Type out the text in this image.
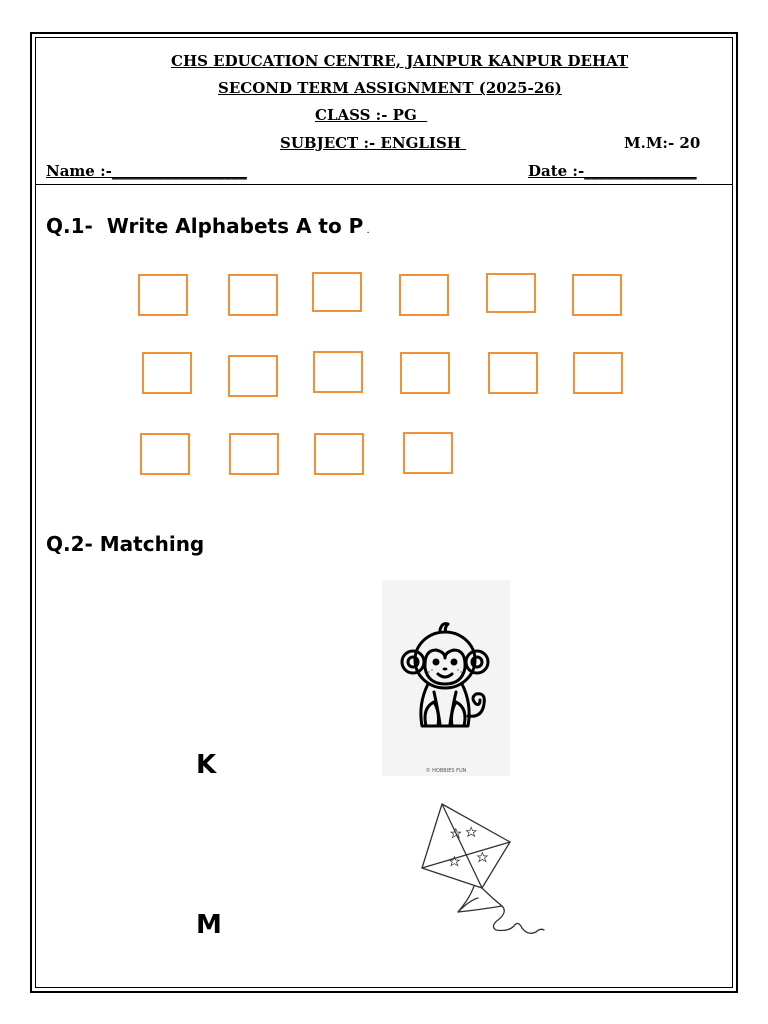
CHS EDUCATION CENTRE, JAINPUR KANPUR DEHAT
SECOND TERM ASSIGNMENT (2025-26)
CLASS :- PG
SUBJECT :- ENGLISH	M.M:- 20
Name :-__________________	Date :-_______________
Q.1-  Write Alphabets A to P .
Q.2- Matching
© HOBBIES FUN
K
M
